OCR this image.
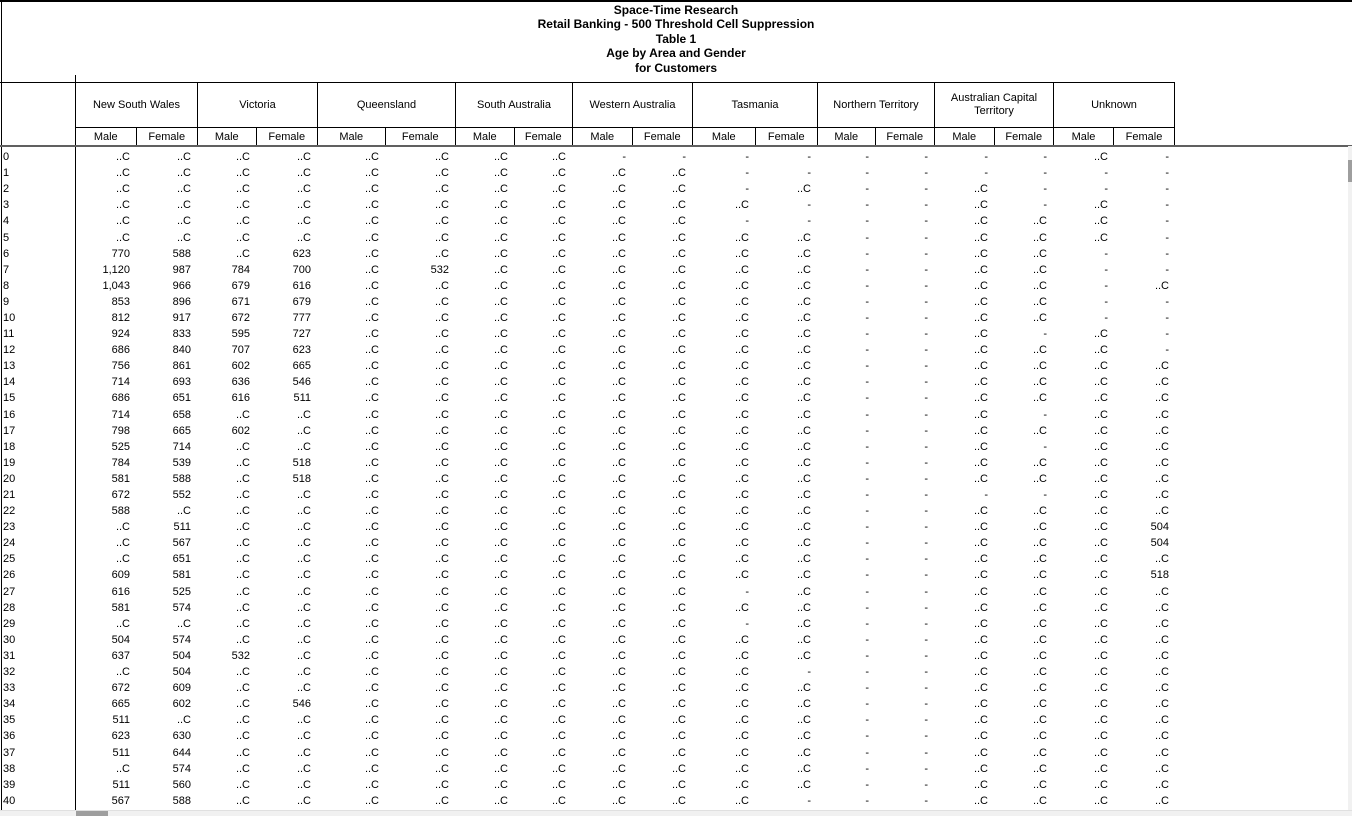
Space-Time Research
Retail Banking - 500 Threshold Cell Suppression
Table 1
Age by Area and Gender
for Customers
New South Wales
Male	Female
Victoria
Male	Female
Queensland
Male	Female
South Australia
Male	Female
Western Australia
Male	Female
Tasmania
Male	Female
Northern Territory
Male	Female
Australian Capital Territory
Male	Female
Unknown
Male	Female
0	..C	..C	..C	..C	..C	..C	..C	..C	-	-	-	-	-	-	-	-	..C	-
1	..C	..C	..C	..C	..C	..C	..C	..C	..C	..C	-	-	-	-	-	-	-	-
2	..C	..C	..C	..C	..C	..C	..C	..C	..C	..C	-	..C	-	-	..C	-	-	-
3	..C	..C	..C	..C	..C	..C	..C	..C	..C	..C	..C	-	-	-	..C	-	..C	-
4	..C	..C	..C	..C	..C	..C	..C	..C	..C	..C	-	-	-	-	..C	..C	..C	-
5	..C	..C	..C	..C	..C	..C	..C	..C	..C	..C	..C	..C	-	-	..C	..C	..C	-
6	770	588	..C	623	..C	..C	..C	..C	..C	..C	..C	..C	-	-	..C	..C	-	-
7	1,120	987	784	700	..C	532	..C	..C	..C	..C	..C	..C	-	-	..C	..C	-	-
8	1,043	966	679	616	..C	..C	..C	..C	..C	..C	..C	..C	-	-	..C	..C	-	..C
9	853	896	671	679	..C	..C	..C	..C	..C	..C	..C	..C	-	-	..C	..C	-	-
10	812	917	672	777	..C	..C	..C	..C	..C	..C	..C	..C	-	-	..C	..C	-	-
11	924	833	595	727	..C	..C	..C	..C	..C	..C	..C	..C	-	-	..C	-	..C	-
12	686	840	707	623	..C	..C	..C	..C	..C	..C	..C	..C	-	-	..C	..C	..C	-
13	756	861	602	665	..C	..C	..C	..C	..C	..C	..C	..C	-	-	..C	..C	..C	..C
14	714	693	636	546	..C	..C	..C	..C	..C	..C	..C	..C	-	-	..C	..C	..C	..C
15	686	651	616	511	..C	..C	..C	..C	..C	..C	..C	..C	-	-	..C	..C	..C	..C
16	714	658	..C	..C	..C	..C	..C	..C	..C	..C	..C	..C	-	-	..C	-	..C	..C
17	798	665	602	..C	..C	..C	..C	..C	..C	..C	..C	..C	-	-	..C	..C	..C	..C
18	525	714	..C	..C	..C	..C	..C	..C	..C	..C	..C	..C	-	-	..C	-	..C	..C
19	784	539	..C	518	..C	..C	..C	..C	..C	..C	..C	..C	-	-	..C	..C	..C	..C
20	581	588	..C	518	..C	..C	..C	..C	..C	..C	..C	..C	-	-	..C	..C	..C	..C
21	672	552	..C	..C	..C	..C	..C	..C	..C	..C	..C	..C	-	-	-	-	..C	..C
22	588	..C	..C	..C	..C	..C	..C	..C	..C	..C	..C	..C	-	-	..C	..C	..C	..C
23	..C	511	..C	..C	..C	..C	..C	..C	..C	..C	..C	..C	-	-	..C	..C	..C	504
24	..C	567	..C	..C	..C	..C	..C	..C	..C	..C	..C	..C	-	-	..C	..C	..C	504
25	..C	651	..C	..C	..C	..C	..C	..C	..C	..C	..C	..C	-	-	..C	..C	..C	..C
26	609	581	..C	..C	..C	..C	..C	..C	..C	..C	..C	..C	-	-	..C	..C	..C	518
27	616	525	..C	..C	..C	..C	..C	..C	..C	..C	-	..C	-	-	..C	..C	..C	..C
28	581	574	..C	..C	..C	..C	..C	..C	..C	..C	..C	..C	-	-	..C	..C	..C	..C
29	..C	..C	..C	..C	..C	..C	..C	..C	..C	..C	-	..C	-	-	..C	..C	..C	..C
30	504	574	..C	..C	..C	..C	..C	..C	..C	..C	..C	..C	-	-	..C	..C	..C	..C
31	637	504	532	..C	..C	..C	..C	..C	..C	..C	..C	..C	-	-	..C	..C	..C	..C
32	..C	504	..C	..C	..C	..C	..C	..C	..C	..C	..C	-	-	-	..C	..C	..C	..C
33	672	609	..C	..C	..C	..C	..C	..C	..C	..C	..C	..C	-	-	..C	..C	..C	..C
34	665	602	..C	546	..C	..C	..C	..C	..C	..C	..C	..C	-	-	..C	..C	..C	..C
35	511	..C	..C	..C	..C	..C	..C	..C	..C	..C	..C	..C	-	-	..C	..C	..C	..C
36	623	630	..C	..C	..C	..C	..C	..C	..C	..C	..C	..C	-	-	..C	..C	..C	..C
37	511	644	..C	..C	..C	..C	..C	..C	..C	..C	..C	..C	-	-	..C	..C	..C	..C
38	..C	574	..C	..C	..C	..C	..C	..C	..C	..C	..C	..C	-	-	..C	..C	..C	..C
39	511	560	..C	..C	..C	..C	..C	..C	..C	..C	..C	..C	-	-	..C	..C	..C	..C
40	567	588	..C	..C	..C	..C	..C	..C	..C	..C	..C	-	-	-	..C	..C	..C	..C
